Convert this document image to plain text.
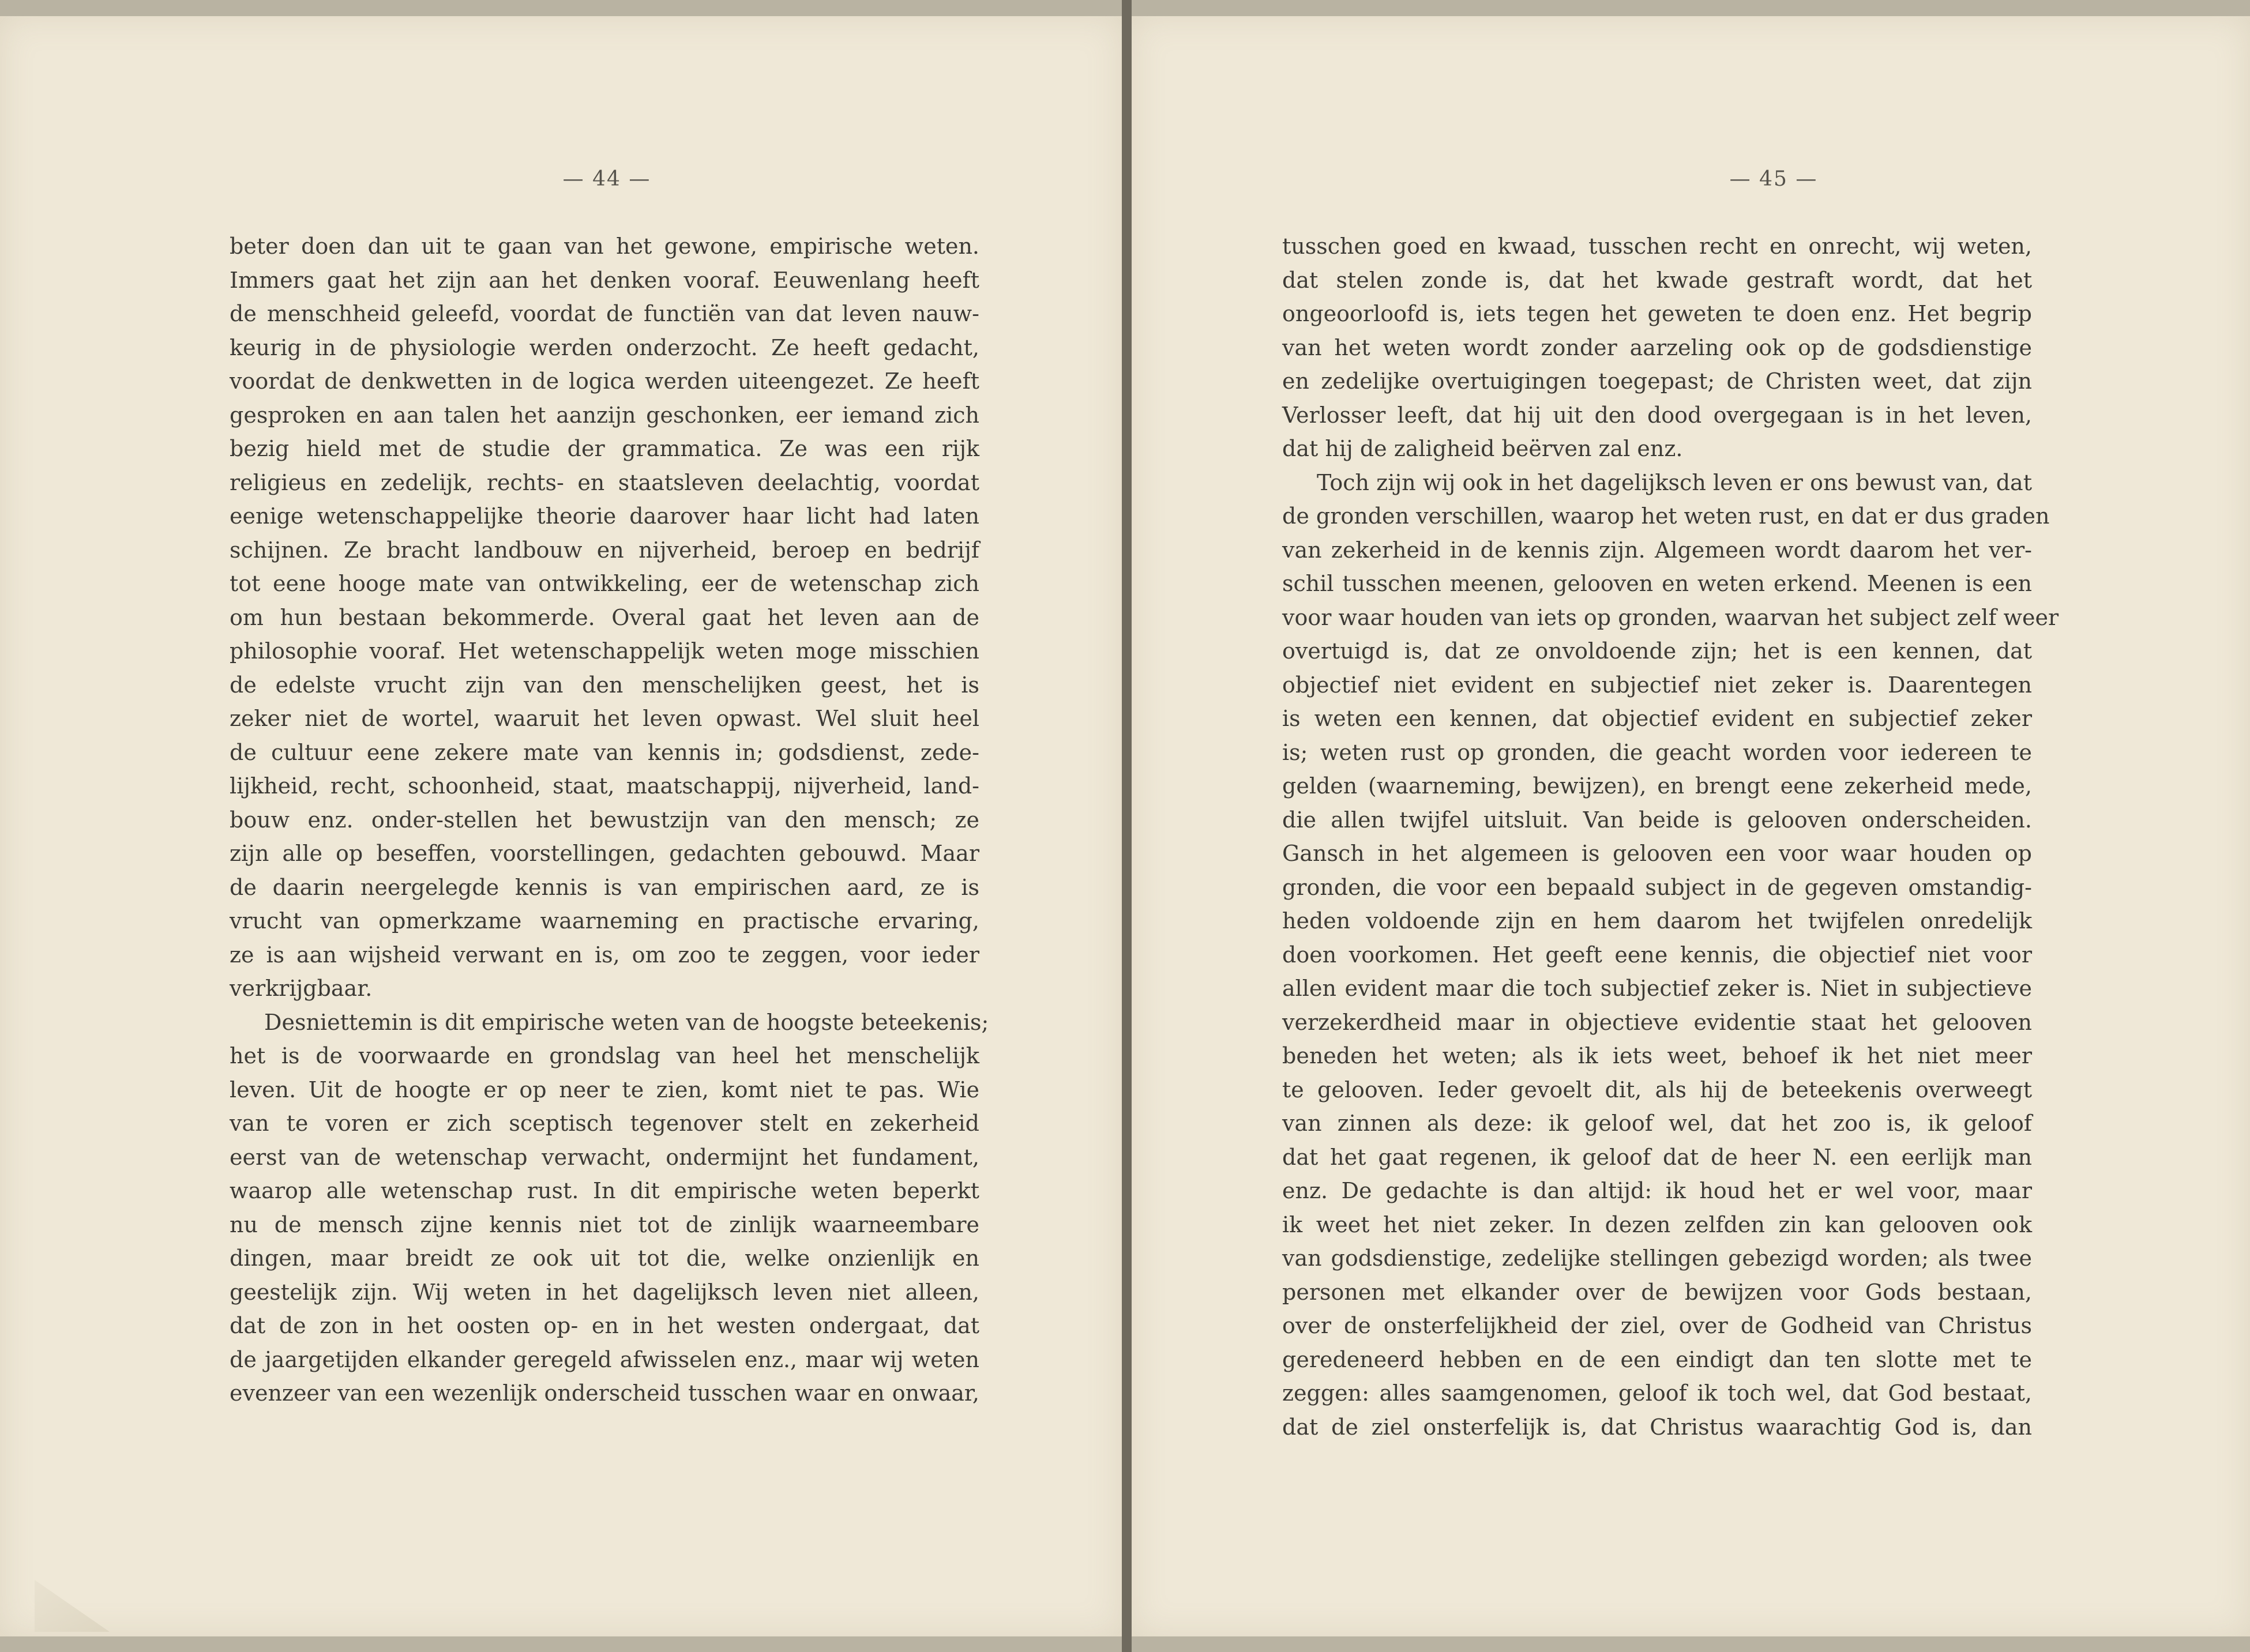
— 44 —
beter doen dan uit te gaan van het gewone, empirische weten.
Immers gaat het zijn aan het denken vooraf. Eeuwenlang heeft
de menschheid geleefd, voordat de functiën van dat leven nauw-
keurig in de physiologie werden onderzocht. Ze heeft gedacht,
voordat de denkwetten in de logica werden uiteengezet. Ze heeft
gesproken en aan talen het aanzijn geschonken, eer iemand zich
bezig hield met de studie der grammatica. Ze was een rijk
religieus en zedelijk, rechts- en staatsleven deelachtig, voordat
eenige wetenschappelijke theorie daarover haar licht had laten
schijnen. Ze bracht landbouw en nijverheid, beroep en bedrijf
tot eene hooge mate van ontwikkeling, eer de wetenschap zich
om hun bestaan bekommerde. Overal gaat het leven aan de
philosophie vooraf. Het wetenschappelijk weten moge misschien
de edelste vrucht zijn van den menschelijken geest, het is
zeker niet de wortel, waaruit het leven opwast. Wel sluit heel
de cultuur eene zekere mate van kennis in; godsdienst, zede-
lijkheid, recht, schoonheid, staat, maatschappij, nijverheid, land-
bouw enz. onder-stellen het bewustzijn van den mensch; ze
zijn alle op beseffen, voorstellingen, gedachten gebouwd. Maar
de daarin neergelegde kennis is van empirischen aard, ze is
vrucht van opmerkzame waarneming en practische ervaring,
ze is aan wijsheid verwant en is, om zoo te zeggen, voor ieder
verkrijgbaar.
Desniettemin is dit empirische weten van de hoogste beteekenis;
het is de voorwaarde en grondslag van heel het menschelijk
leven. Uit de hoogte er op neer te zien, komt niet te pas. Wie
van te voren er zich sceptisch tegenover stelt en zekerheid
eerst van de wetenschap verwacht, ondermijnt het fundament,
waarop alle wetenschap rust. In dit empirische weten beperkt
nu de mensch zijne kennis niet tot de zinlijk waarneembare
dingen, maar breidt ze ook uit tot die, welke onzienlijk en
geestelijk zijn. Wij weten in het dagelijksch leven niet alleen,
dat de zon in het oosten op- en in het westen ondergaat, dat
de jaargetijden elkander geregeld afwisselen enz., maar wij weten
evenzeer van een wezenlijk onderscheid tusschen waar en onwaar,
— 45 —
tusschen goed en kwaad, tusschen recht en onrecht, wij weten,
dat stelen zonde is, dat het kwade gestraft wordt, dat het
ongeoorloofd is, iets tegen het geweten te doen enz. Het begrip
van het weten wordt zonder aarzeling ook op de godsdienstige
en zedelijke overtuigingen toegepast; de Christen weet, dat zijn
Verlosser leeft, dat hij uit den dood overgegaan is in het leven,
dat hij de zaligheid beërven zal enz.
Toch zijn wij ook in het dagelijksch leven er ons bewust van, dat
de gronden verschillen, waarop het weten rust, en dat er dus graden
van zekerheid in de kennis zijn. Algemeen wordt daarom het ver-
schil tusschen meenen, gelooven en weten erkend. Meenen is een
voor waar houden van iets op gronden, waarvan het subject zelf weer
overtuigd is, dat ze onvoldoende zijn; het is een kennen, dat
objectief niet evident en subjectief niet zeker is. Daarentegen
is weten een kennen, dat objectief evident en subjectief zeker
is; weten rust op gronden, die geacht worden voor iedereen te
gelden (waarneming, bewijzen), en brengt eene zekerheid mede,
die allen twijfel uitsluit. Van beide is gelooven onderscheiden.
Gansch in het algemeen is gelooven een voor waar houden op
gronden, die voor een bepaald subject in de gegeven omstandig-
heden voldoende zijn en hem daarom het twijfelen onredelijk
doen voorkomen. Het geeft eene kennis, die objectief niet voor
allen evident maar die toch subjectief zeker is. Niet in subjectieve
verzekerdheid maar in objectieve evidentie staat het gelooven
beneden het weten; als ik iets weet, behoef ik het niet meer
te gelooven. Ieder gevoelt dit, als hij de beteekenis overweegt
van zinnen als deze: ik geloof wel, dat het zoo is, ik geloof
dat het gaat regenen, ik geloof dat de heer N. een eerlijk man
enz. De gedachte is dan altijd: ik houd het er wel voor, maar
ik weet het niet zeker. In dezen zelfden zin kan gelooven ook
van godsdienstige, zedelijke stellingen gebezigd worden; als twee
personen met elkander over de bewijzen voor Gods bestaan,
over de onsterfelijkheid der ziel, over de Godheid van Christus
geredeneerd hebben en de een eindigt dan ten slotte met te
zeggen: alles saamgenomen, geloof ik toch wel, dat God bestaat,
dat de ziel onsterfelijk is, dat Christus waarachtig God is, dan
